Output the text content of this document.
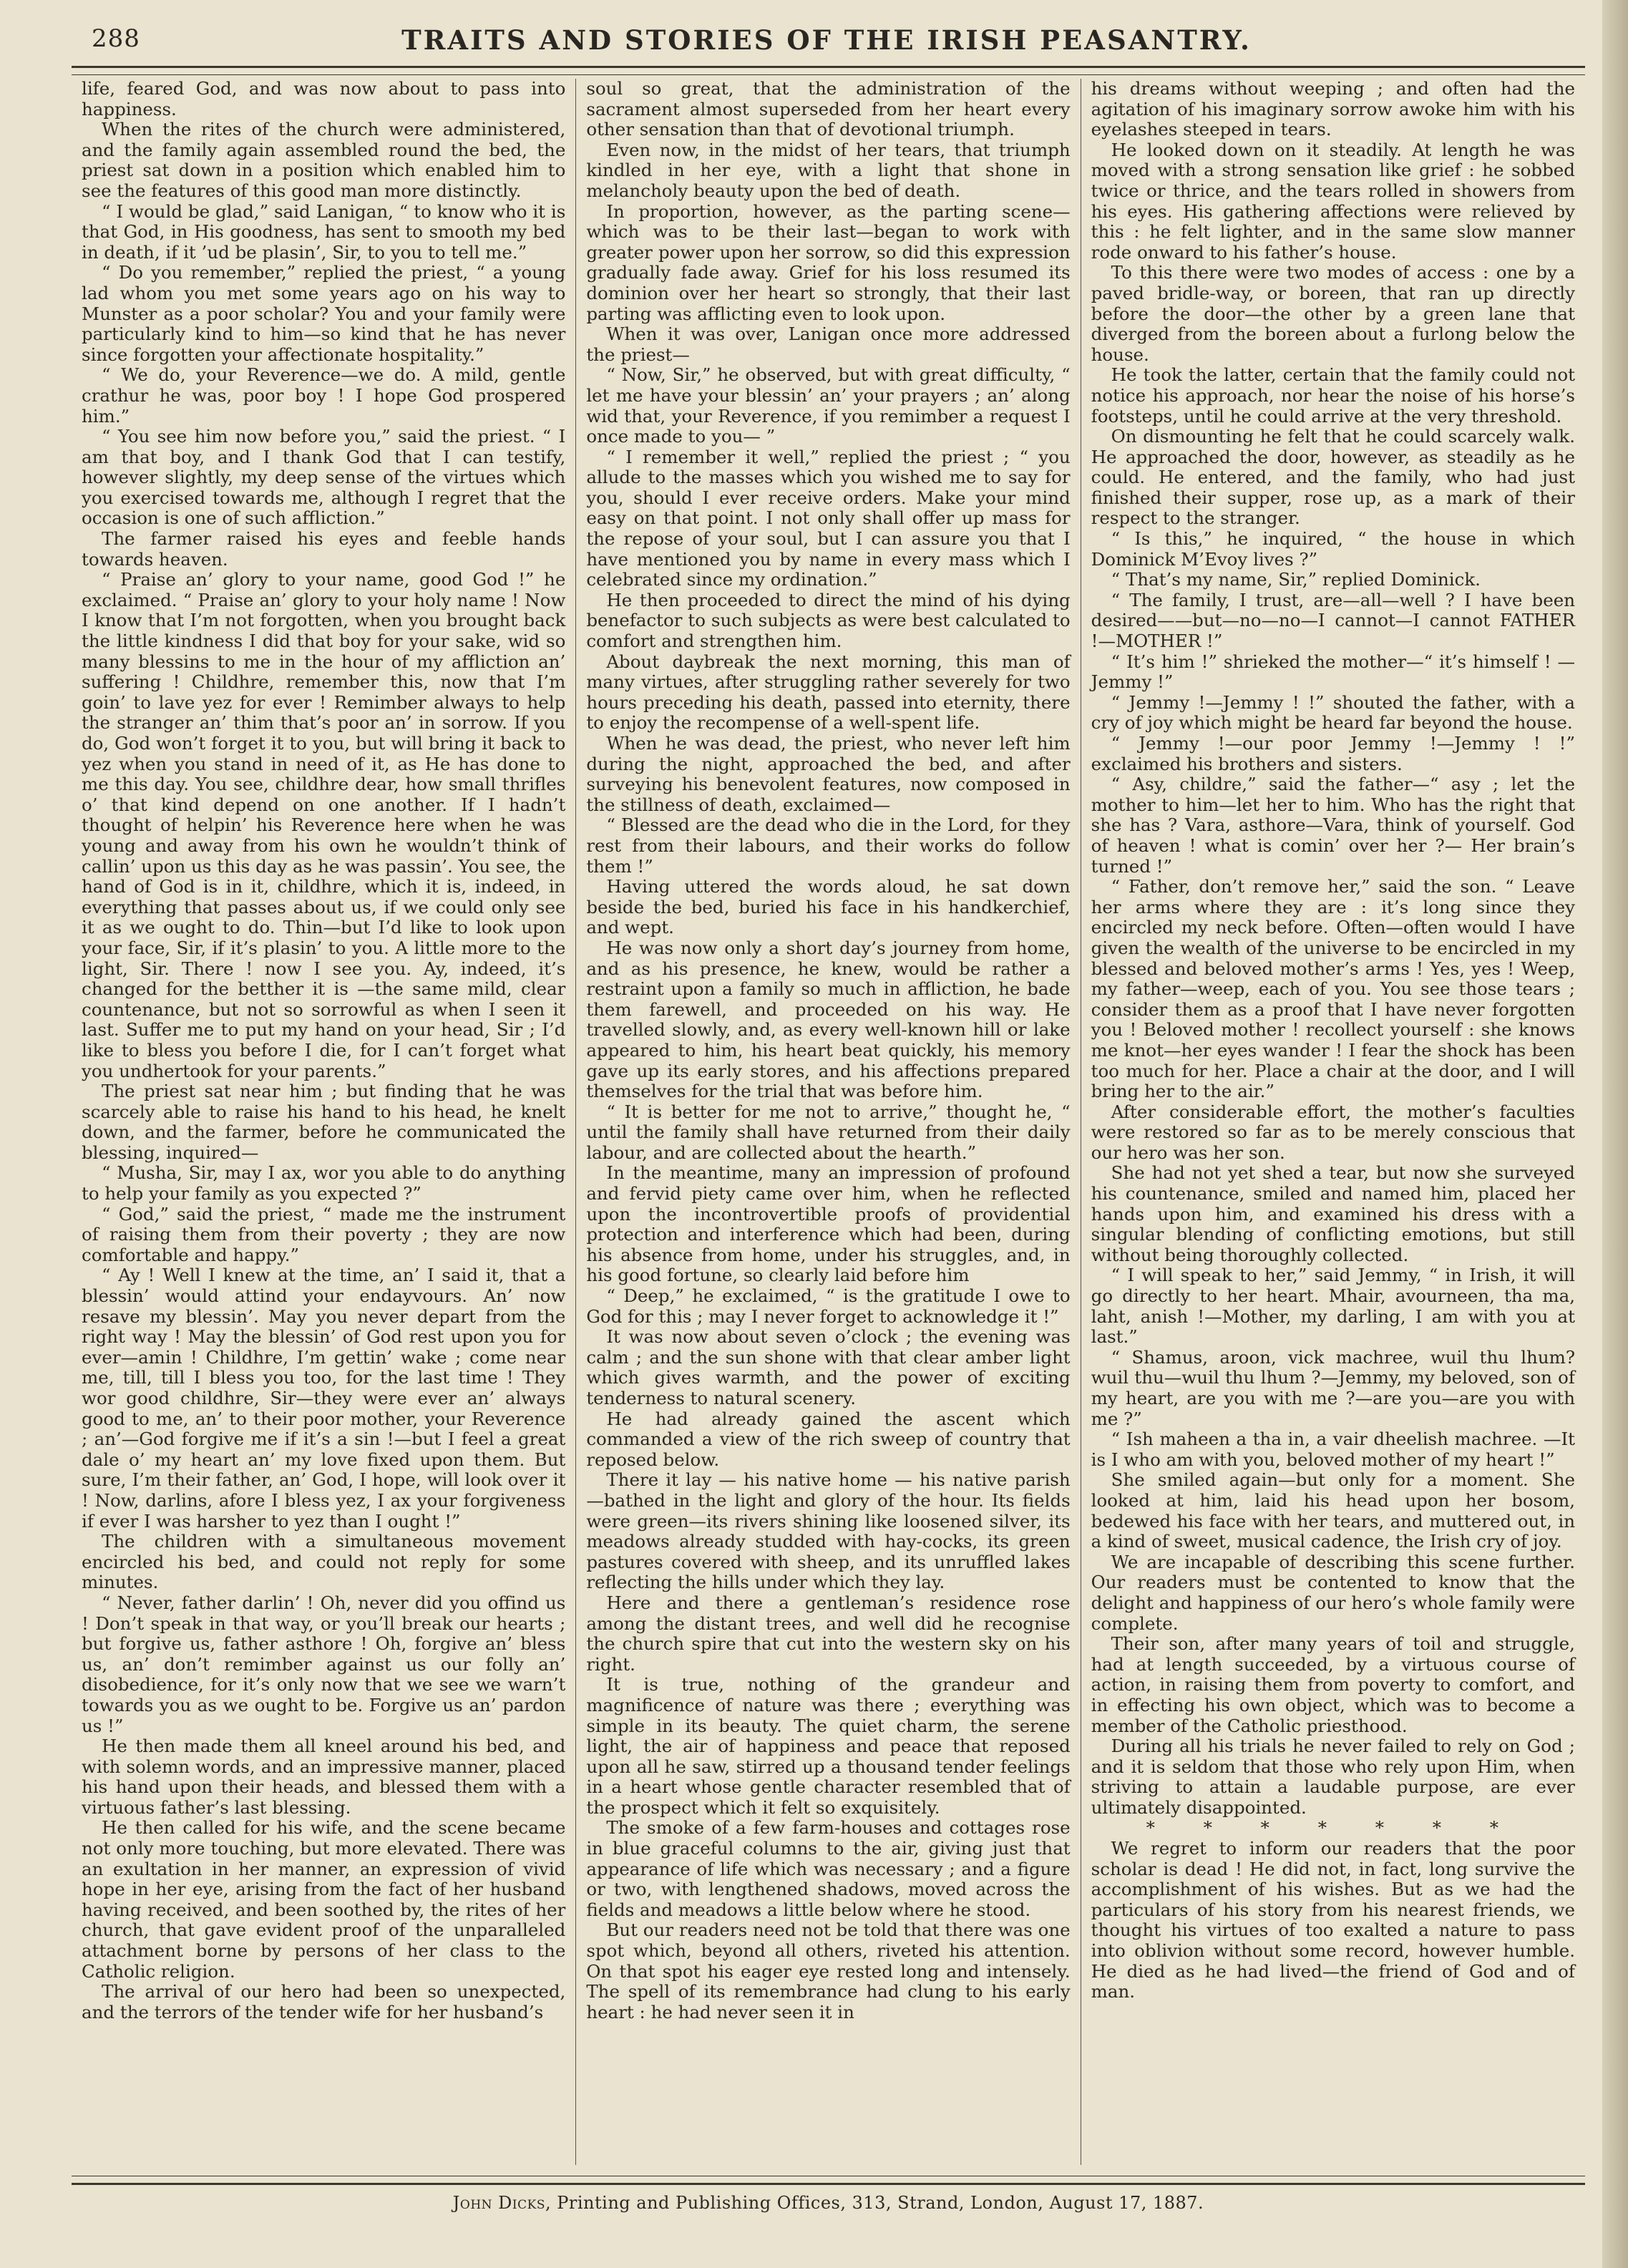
288	TRAITS AND STORIES OF THE IRISH PEASANTRY.

life, feared God, and was now about to pass into happiness.

When the rites of the church were administered, and the family again assembled round the bed, the priest sat down in a position which enabled him to see the features of this good man more distinctly.

“ I would be glad,” said Lanigan, “ to know who it is that God, in His goodness, has sent to smooth my bed in death, if it ’ud be plasin’, Sir, to you to tell me.”

“ Do you remember,” replied the priest, “ a young lad whom you met some years ago on his way to Munster as a poor scholar? You and your family were particularly kind to him—so kind that he has never since forgotten your affectionate hospitality.”

“ We do, your Reverence—we do. A mild, gentle crathur he was, poor boy ! I hope God prospered him.”

“ You see him now before you,” said the priest. “ I am that boy, and I thank God that I can testify, however slightly, my deep sense of the virtues which you exercised towards me, although I regret that the occasion is one of such affliction.”

The farmer raised his eyes and feeble hands towards heaven.

“ Praise an’ glory to your name, good God !” he exclaimed. “ Praise an’ glory to your holy name ! Now I know that I’m not forgotten, when you brought back the little kindness I did that boy for your sake, wid so many blessins to me in the hour of my affliction an’ suffering ! Childhre, remember this, now that I’m goin’ to lave yez for ever ! Remimber always to help the stranger an’ thim that’s poor an’ in sorrow. If you do, God won’t forget it to you, but will bring it back to yez when you stand in need of it, as He has done to me this day. You see, childhre dear, how small thrifles o’ that kind depend on one another. If I hadn’t thought of helpin’ his Reverence here when he was young and away from his own he wouldn’t think of callin’ upon us this day as he was passin’. You see, the hand of God is in it, childhre, which it is, indeed, in everything that passes about us, if we could only see it as we ought to do. Thin—but I’d like to look upon your face, Sir, if it’s plasin’ to you. A little more to the light, Sir. There ! now I see you. Ay, indeed, it’s changed for the betther it is —the same mild, clear countenance, but not so sorrowful as when I seen it last. Suffer me to put my hand on your head, Sir ; I’d like to bless you before I die, for I can’t forget what you undhertook for your parents.”

The priest sat near him ; but finding that he was scarcely able to raise his hand to his head, he knelt down, and the farmer, before he communicated the blessing, inquired—

“ Musha, Sir, may I ax, wor you able to do anything to help your family as you expected ?”

“ God,” said the priest, “ made me the instrument of raising them from their poverty ; they are now comfortable and happy.”

“ Ay ! Well I knew at the time, an’ I said it, that a blessin’ would attind your endayvours. An’ now resave my blessin’. May you never depart from the right way ! May the blessin’ of God rest upon you for ever—amin ! Childhre, I’m gettin’ wake ; come near me, till, till I bless you too, for the last time ! They wor good childhre, Sir—they were ever an’ always good to me, an’ to their poor mother, your Reverence ; an’—God forgive me if it’s a sin !—but I feel a great dale o’ my heart an’ my love fixed upon them. But sure, I’m their father, an’ God, I hope, will look over it ! Now, darlins, afore I bless yez, I ax your forgiveness if ever I was harsher to yez than I ought !”

The children with a simultaneous movement encircled his bed, and could not reply for some minutes.

“ Never, father darlin’ ! Oh, never did you offind us ! Don’t speak in that way, or you’ll break our hearts ; but forgive us, father asthore ! Oh, forgive an’ bless us, an’ don’t remimber against us our folly an’ disobedience, for it’s only now that we see we warn’t towards you as we ought to be. Forgive us an’ pardon us !”

He then made them all kneel around his bed, and with solemn words, and an impressive manner, placed his hand upon their heads, and blessed them with a virtuous father’s last blessing.

He then called for his wife, and the scene became not only more touching, but more elevated. There was an exultation in her manner, an expression of vivid hope in her eye, arising from the fact of her husband having received, and been soothed by, the rites of her church, that gave evident proof of the unparalleled attachment borne by persons of her class to the Catholic religion.

The arrival of our hero had been so unexpected, and the terrors of the tender wife for her husband’s

soul so great, that the administration of the sacrament almost superseded from her heart every other sensation than that of devotional triumph.

Even now, in the midst of her tears, that triumph kindled in her eye, with a light that shone in melancholy beauty upon the bed of death.

In proportion, however, as the parting scene—which was to be their last—began to work with greater power upon her sorrow, so did this expression gradually fade away. Grief for his loss resumed its dominion over her heart so strongly, that their last parting was afflicting even to look upon.

When it was over, Lanigan once more addressed the priest—

“ Now, Sir,” he observed, but with great difficulty, “ let me have your blessin’ an’ your prayers ; an’ along wid that, your Reverence, if you remimber a request I once made to you— ”

“ I remember it well,” replied the priest ; “ you allude to the masses which you wished me to say for you, should I ever receive orders. Make your mind easy on that point. I not only shall offer up mass for the repose of your soul, but I can assure you that I have mentioned you by name in every mass which I celebrated since my ordination.”

He then proceeded to direct the mind of his dying benefactor to such subjects as were best calculated to comfort and strengthen him.

About daybreak the next morning, this man of many virtues, after struggling rather severely for two hours preceding his death, passed into eternity, there to enjoy the recompense of a well-spent life.

When he was dead, the priest, who never left him during the night, approached the bed, and after surveying his benevolent features, now composed in the stillness of death, exclaimed—

“ Blessed are the dead who die in the Lord, for they rest from their labours, and their works do follow them !”

Having uttered the words aloud, he sat down beside the bed, buried his face in his handkerchief, and wept.

He was now only a short day’s journey from home, and as his presence, he knew, would be rather a restraint upon a family so much in affliction, he bade them farewell, and proceeded on his way. He travelled slowly, and, as every well-known hill or lake appeared to him, his heart beat quickly, his memory gave up its early stores, and his affections prepared themselves for the trial that was before him.

“ It is better for me not to arrive,” thought he, “ until the family shall have returned from their daily labour, and are collected about the hearth.”

In the meantime, many an impression of profound and fervid piety came over him, when he reflected upon the incontrovertible proofs of providential protection and interference which had been, during his absence from home, under his struggles, and, in his good fortune, so clearly laid before him

“ Deep,” he exclaimed, “ is the gratitude I owe to God for this ; may I never forget to acknowledge it !”

It was now about seven o’clock ; the evening was calm ; and the sun shone with that clear amber light which gives warmth, and the power of exciting tenderness to natural scenery.

He had already gained the ascent which commanded a view of the rich sweep of country that reposed below.

There it lay — his native home — his native parish—bathed in the light and glory of the hour. Its fields were green—its rivers shining like loosened silver, its meadows already studded with hay-cocks, its green pastures covered with sheep, and its unruffled lakes reflecting the hills under which they lay.

Here and there a gentleman’s residence rose among the distant trees, and well did he recognise the church spire that cut into the western sky on his right.

It is true, nothing of the grandeur and magnificence of nature was there ; everything was simple in its beauty. The quiet charm, the serene light, the air of happiness and peace that reposed upon all he saw, stirred up a thousand tender feelings in a heart whose gentle character resembled that of the prospect which it felt so exquisitely.

The smoke of a few farm-houses and cottages rose in blue graceful columns to the air, giving just that appearance of life which was necessary ; and a figure or two, with lengthened shadows, moved across the fields and meadows a little below where he stood.

But our readers need not be told that there was one spot which, beyond all others, riveted his attention. On that spot his eager eye rested long and intensely. The spell of its remembrance had clung to his early heart : he had never seen it in

his dreams without weeping ; and often had the agitation of his imaginary sorrow awoke him with his eyelashes steeped in tears.

He looked down on it steadily. At length he was moved with a strong sensation like grief : he sobbed twice or thrice, and the tears rolled in showers from his eyes. His gathering affections were relieved by this : he felt lighter, and in the same slow manner rode onward to his father’s house.

To this there were two modes of access : one by a paved bridle-way, or boreen, that ran up directly before the door—the other by a green lane that diverged from the boreen about a furlong below the house.

He took the latter, certain that the family could not notice his approach, nor hear the noise of his horse’s footsteps, until he could arrive at the very threshold.

On dismounting he felt that he could scarcely walk. He approached the door, however, as steadily as he could. He entered, and the family, who had just finished their supper, rose up, as a mark of their respect to the stranger.

“ Is this,” he inquired, “ the house in which Dominick M’Evoy lives ?”

“ That’s my name, Sir,” replied Dominick.

“ The family, I trust, are—all—well ? I have been desired——but—no—no—I cannot—I cannot FATHER !—MOTHER !”

“ It’s him !” shrieked the mother—“ it’s himself ! —Jemmy !”

“ Jemmy !—Jemmy ! !” shouted the father, with a cry of joy which might be heard far beyond the house.

“ Jemmy !—our poor Jemmy !—Jemmy ! !” exclaimed his brothers and sisters.

“ Asy, childre,” said the father—“ asy ; let the mother to him—let her to him. Who has the right that she has ? Vara, asthore—Vara, think of yourself. God of heaven ! what is comin’ over her ?— Her brain’s turned !”

“ Father, don’t remove her,” said the son. “ Leave her arms where they are : it’s long since they encircled my neck before. Often—often would I have given the wealth of the universe to be encircled in my blessed and beloved mother’s arms ! Yes, yes ! Weep, my father—weep, each of you. You see those tears ; consider them as a proof that I have never forgotten you ! Beloved mother ! recollect yourself : she knows me knot—her eyes wander ! I fear the shock has been too much for her. Place a chair at the door, and I will bring her to the air.”

After considerable effort, the mother’s faculties were restored so far as to be merely conscious that our hero was her son.

She had not yet shed a tear, but now she surveyed his countenance, smiled and named him, placed her hands upon him, and examined his dress with a singular blending of conflicting emotions, but still without being thoroughly collected.

“ I will speak to her,” said Jemmy, “ in Irish, it will go directly to her heart. Mhair, avourneen, tha ma, laht, anish !—Mother, my darling, I am with you at last.”

“ Shamus, aroon, vick machree, wuil thu lhum? wuil thu—wuil thu lhum ?—Jemmy, my beloved, son of my heart, are you with me ?—are you—are you with me ?”

“ Ish maheen a tha in, a vair dheelish machree. —It is I who am with you, beloved mother of my heart !”

She smiled again—but only for a moment. She looked at him, laid his head upon her bosom, bedewed his face with her tears, and muttered out, in a kind of sweet, musical cadence, the Irish cry of joy.

We are incapable of describing this scene further. Our readers must be contented to know that the delight and happiness of our hero’s whole family were complete.

Their son, after many years of toil and struggle, had at length succeeded, by a virtuous course of action, in raising them from poverty to comfort, and in effecting his own object, which was to become a member of the Catholic priesthood.

During all his trials he never failed to rely on God ; and it is seldom that those who rely upon Him, when striving to attain a laudable purpose, are ever ultimately disappointed.

* * * * * * *

We regret to inform our readers that the poor scholar is dead ! He did not, in fact, long survive the accomplishment of his wishes. But as we had the particulars of his story from his nearest friends, we thought his virtues of too exalted a nature to pass into oblivion without some record, however humble. He died as he had lived—the friend of God and of man.

John Dicks, Printing and Publishing Offices, 313, Strand, London, August 17, 1887.
